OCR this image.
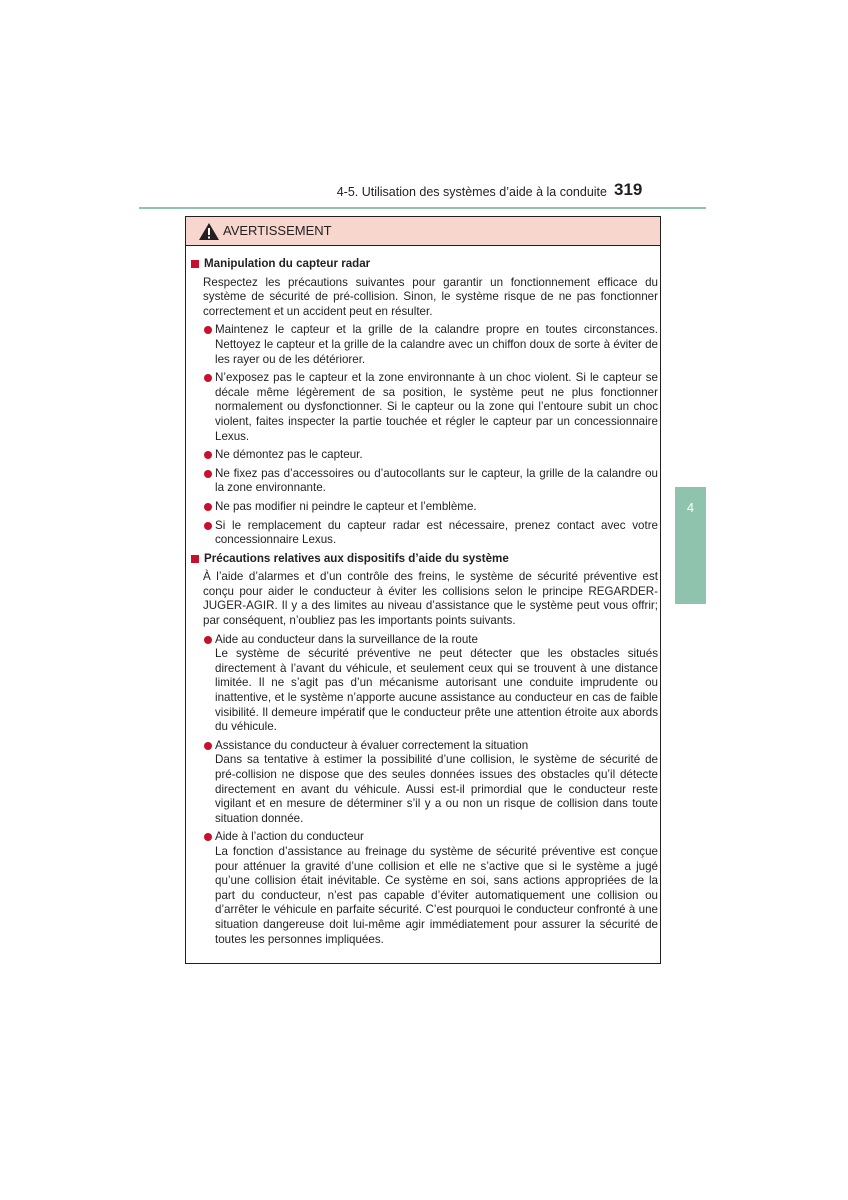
4-5. Utilisation des systèmes d’aide à la conduite 319
4
Conduite
AVERTISSEMENT
Manipulation du capteur radar

Respectez les précautions suivantes pour garantir un fonctionnement efficace du système de sécurité de pré-collision. Sinon, le système risque de ne pas fonctionner correctement et un accident peut en résulter.

Maintenez le capteur et la grille de la calandre propre en toutes circonstances. Nettoyez le capteur et la grille de la calandre avec un chiffon doux de sorte à éviter de les rayer ou de les détériorer.
N’exposez pas le capteur et la zone environnante à un choc violent. Si le capteur se décale même légèrement de sa position, le système peut ne plus fonctionner normalement ou dysfonctionner. Si le capteur ou la zone qui l’entoure subit un choc violent, faites inspecter la partie touchée et régler le capteur par un concessionnaire Lexus.
Ne démontez pas le capteur.
Ne fixez pas d’accessoires ou d’autocollants sur le capteur, la grille de la calandre ou la zone environnante.
Ne pas modifier ni peindre le capteur et l’emblème.
Si le remplacement du capteur radar est nécessaire, prenez contact avec votre concessionnaire Lexus.
Précautions relatives aux dispositifs d’aide du système

À l’aide d’alarmes et d’un contrôle des freins, le système de sécurité préventive est conçu pour aider le conducteur à éviter les collisions selon le principe REGARDER-JUGER-AGIR. Il y a des limites au niveau d’assistance que le système peut vous offrir; par conséquent, n’oubliez pas les importants points suivants.

Aide au conducteur dans la surveillance de la route
Le système de sécurité préventive ne peut détecter que les obstacles situés directement à l’avant du véhicule, et seulement ceux qui se trouvent à une distance limitée. Il ne s’agit pas d’un mécanisme autorisant une conduite imprudente ou inattentive, et le système n’apporte aucune assistance au conducteur en cas de faible visibilité. Il demeure impératif que le conducteur prête une attention étroite aux abords du véhicule.
Assistance du conducteur à évaluer correctement la situation
Dans sa tentative à estimer la possibilité d’une collision, le système de sécurité de pré-collision ne dispose que des seules données issues des obstacles qu’il détecte directement en avant du véhicule. Aussi est-il primordial que le conducteur reste vigilant et en mesure de déterminer s’il y a ou non un risque de collision dans toute situation donnée.
Aide à l’action du conducteur
La fonction d’assistance au freinage du système de sécurité préventive est conçue pour atténuer la gravité d’une collision et elle ne s’active que si le système a jugé qu’une collision était inévitable. Ce système en soi, sans actions appropriées de la part du conducteur, n’est pas capable d’éviter automatiquement une collision ou d’arrêter le véhicule en parfaite sécurité. C’est pourquoi le conducteur confronté à une situation dangereuse doit lui-même agir immédiatement pour assurer la sécurité de toutes les personnes impliquées.
